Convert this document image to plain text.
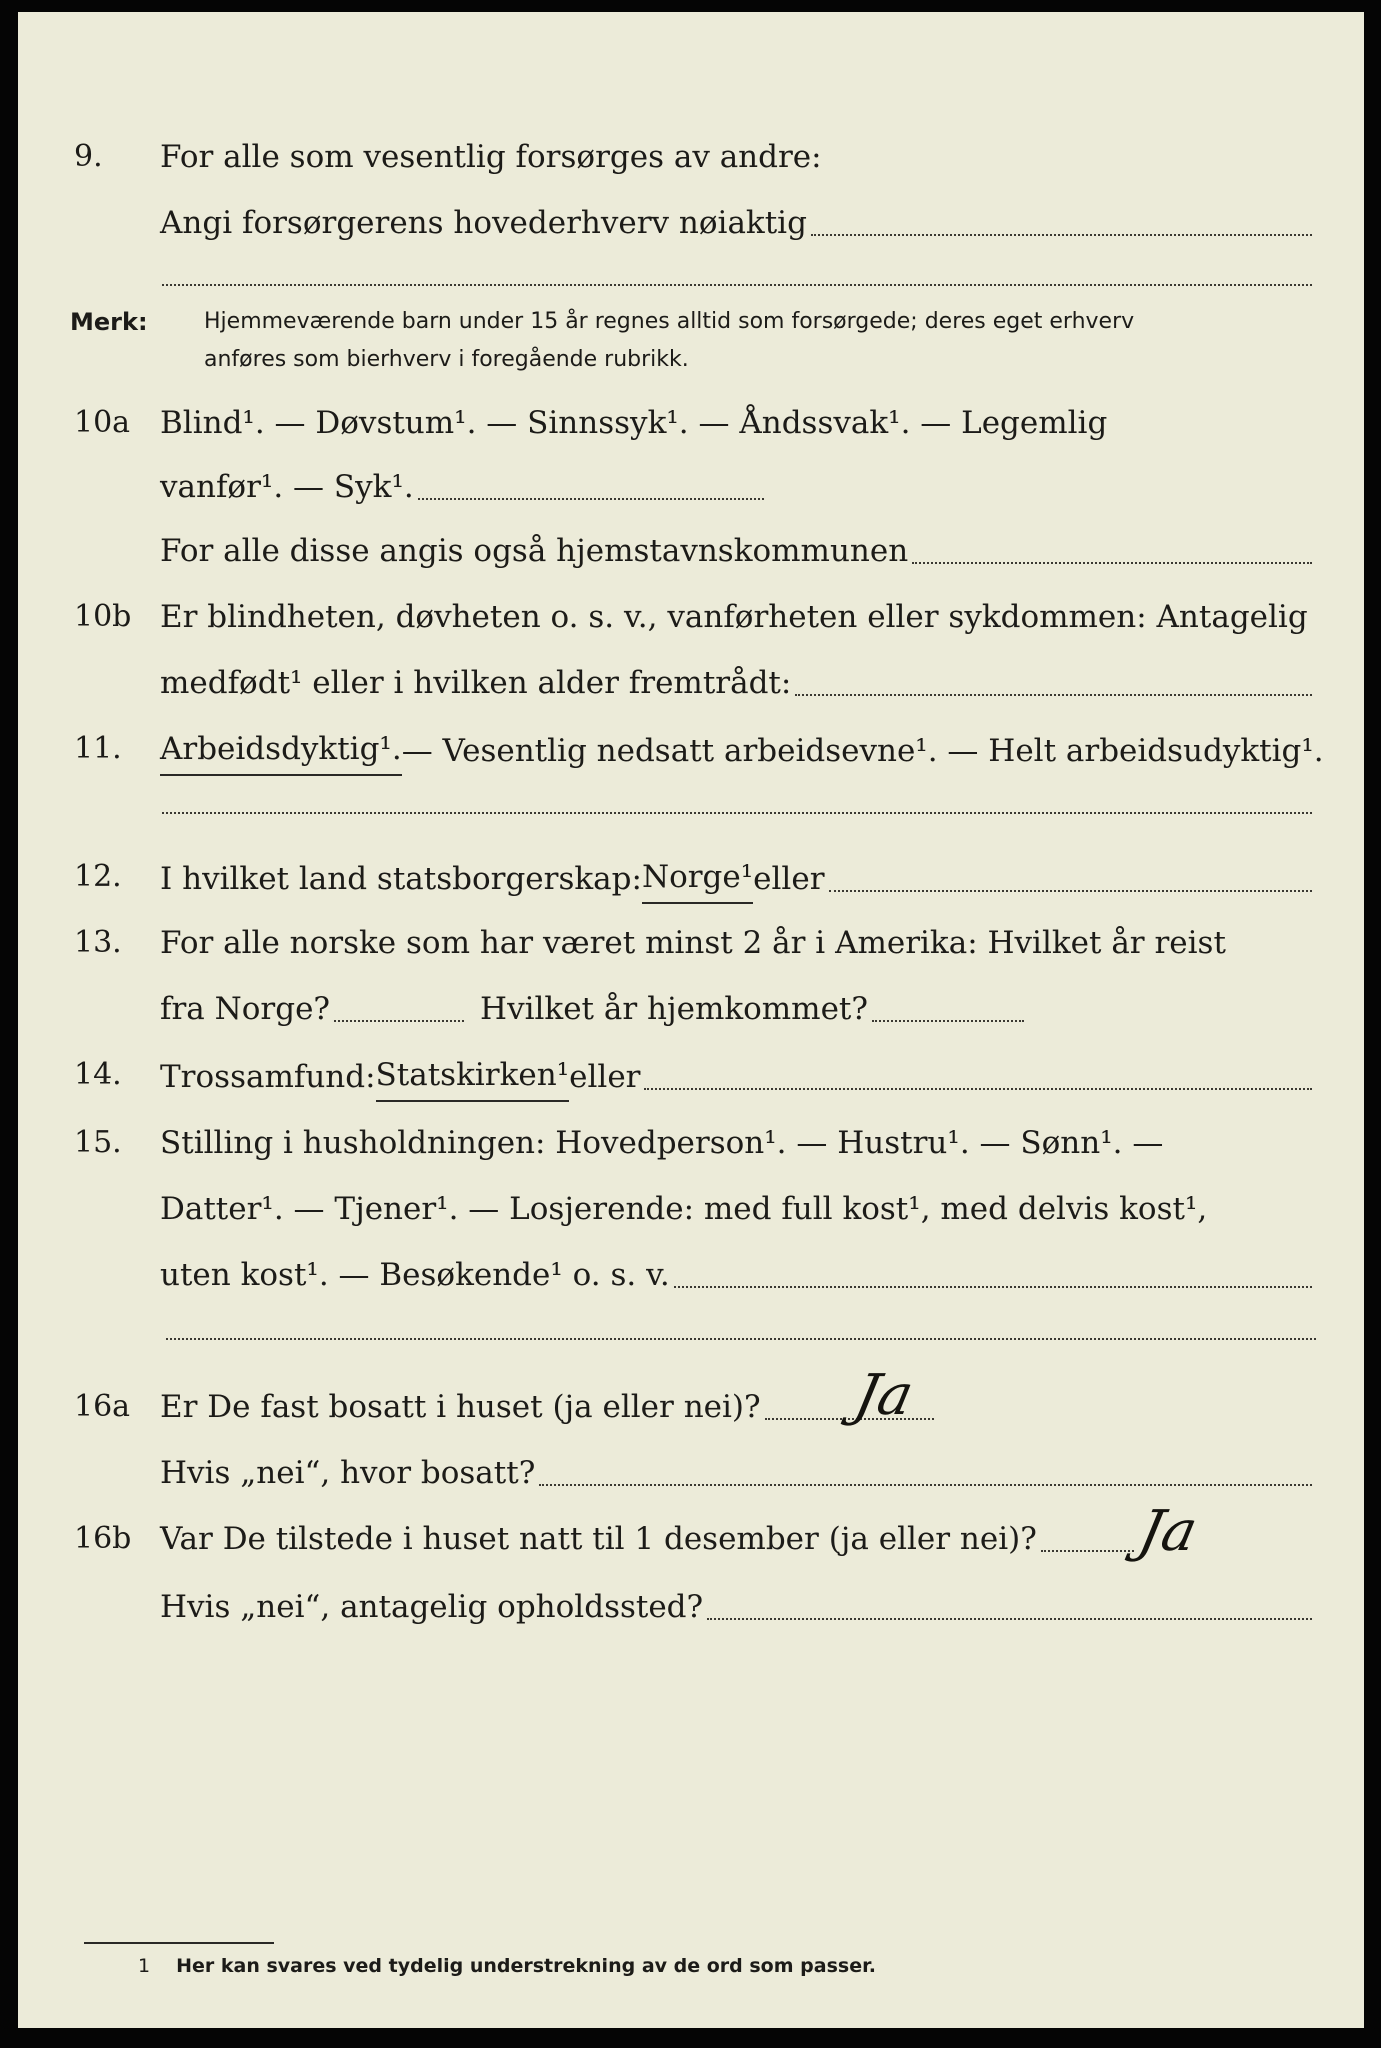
9. For alle som vesentlig forsørges av andre:
Angi forsørgerens hovederhverv nøiaktig
Merk:	Hjemmeværende barn under 15 år regnes alltid som forsørgede; deres eget erhverv
anføres som bierhverv i foregående rubrikk.
10a Blind¹. — Døvstum¹. — Sinnssyk¹. — Åndssvak¹. — Legemlig
vanfør¹. — Syk¹.
For alle disse angis også hjemstavnskommunen
10b Er blindheten, døvheten o. s. v., vanførheten eller sykdommen: Antagelig
medfødt¹ eller i hvilken alder fremtrådt:
11. Arbeidsdyktig¹. — Vesentlig nedsatt arbeidsevne¹. — Helt arbeidsudyktig¹.
12. I hvilket land statsborgerskap: Norge¹ eller
13. For alle norske som har været minst 2 år i Amerika: Hvilket år reist
fra Norge?	Hvilket år hjemkommet?
14. Trossamfund: Statskirken¹ eller
15. Stilling i husholdningen: Hovedperson¹. — Hustru¹. — Sønn¹. —
Datter¹. — Tjener¹. — Losjerende: med full kost¹, med delvis kost¹,
uten kost¹. — Besøkende¹ o. s. v.
16a Er De fast bosatt i huset (ja eller nei)? Ja
Hvis „nei“, hvor bosatt?
16b Var De tilstede i huset natt til 1 desember (ja eller nei)? Ja
Hvis „nei“, antagelig opholdssted?
1 Her kan svares ved tydelig understrekning av de ord som passer.
